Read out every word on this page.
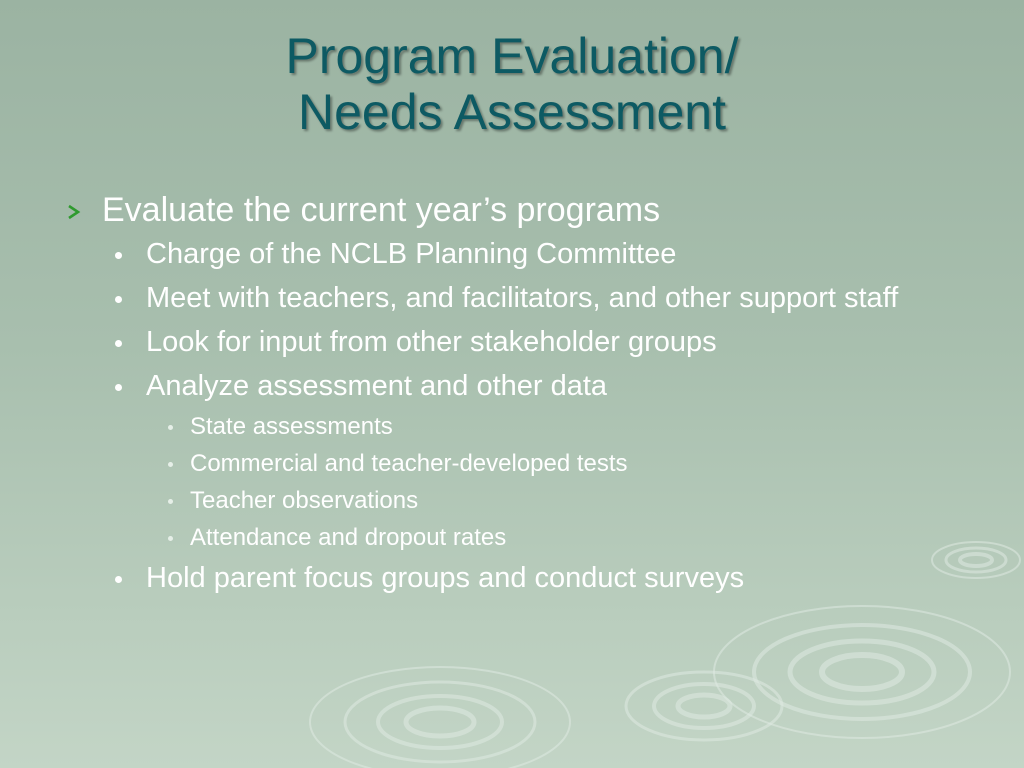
Program Evaluation/
Needs Assessment
Evaluate the current year’s programs
Charge of the NCLB Planning Committee
Meet with teachers, and facilitators, and other support staff
Look for input from other stakeholder groups
Analyze assessment and other data
State assessments
Commercial and teacher-developed tests
Teacher observations
Attendance and dropout rates
Hold parent focus groups and conduct surveys
